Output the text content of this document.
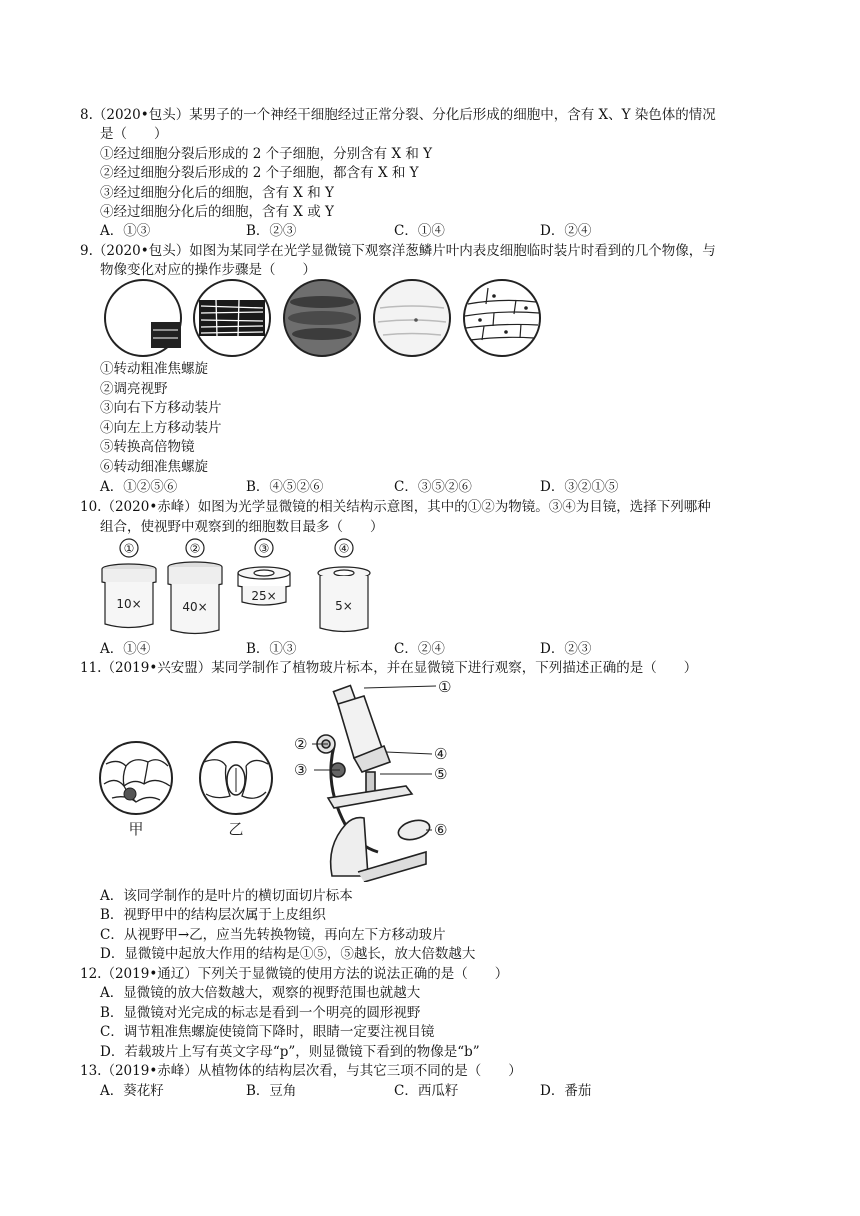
8.（2020•包头）某男子的一个神经干细胞经过正常分裂、分化后形成的细胞中，含有 X、Y 染色体的情况
是（　　）
①经过细胞分裂后形成的 2 个子细胞，分别含有 X 和 Y
②经过细胞分裂后形成的 2 个子细胞，都含有 X 和 Y
③经过细胞分化后的细胞，含有 X 和 Y
④经过细胞分化后的细胞，含有 X 或 Y
A．①③	B．②③	C．①④	D．②④
9.（2020•包头）如图为某同学在光学显微镜下观察洋葱鳞片叶内表皮细胞临时装片时看到的几个物像，与
物像变化对应的操作步骤是（　　）
①转动粗准焦螺旋
②调亮视野
③向右下方移动装片
④向左上方移动装片
⑤转换高倍物镜
⑥转动细准焦螺旋
A．①②⑤⑥	B．④⑤②⑥	C．③⑤②⑥	D．③②①⑤
10.（2020•赤峰）如图为光学显微镜的相关结构示意图，其中的①②为物镜。③④为目镜，选择下列哪种
组合，使视野中观察到的细胞数目最多（　　）
①
10×
②
40×
③
25×
④
5×
A．①④	B．①③	C．②④	D．②③
11.（2019•兴安盟）某同学制作了植物玻片标本，并在显微镜下进行观察，下列描述正确的是（　　）
甲	乙
①
②
③
④
⑤
⑥
A．该同学制作的是叶片的横切面切片标本
B．视野甲中的结构层次属于上皮组织
C．从视野甲→乙，应当先转换物镜，再向左下方移动玻片
D．显微镜中起放大作用的结构是①⑤，⑤越长，放大倍数越大
12.（2019•通辽）下列关于显微镜的使用方法的说法正确的是（　　）
A．显微镜的放大倍数越大，观察的视野范围也就越大
B．显微镜对光完成的标志是看到一个明亮的圆形视野
C．调节粗准焦螺旋使镜筒下降时，眼睛一定要注视目镜
D．若载玻片上写有英文字母“p”，则显微镜下看到的物像是“b”
13.（2019•赤峰）从植物体的结构层次看，与其它三项不同的是（　　）
A．葵花籽	B．豆角	C．西瓜籽	D．番茄
